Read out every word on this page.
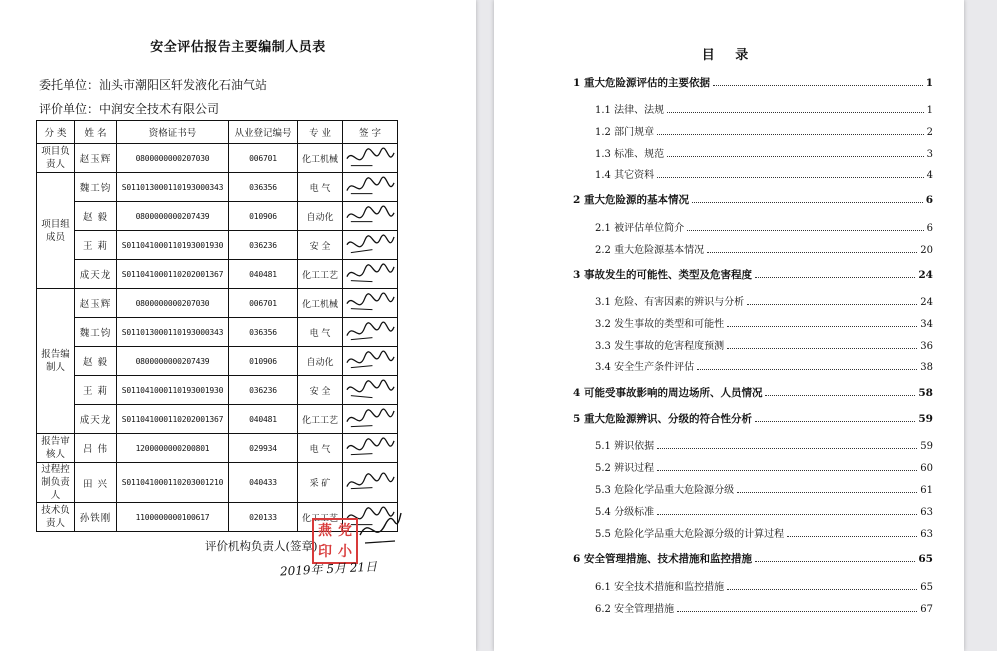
安全评估报告主要编制人员表
委托单位：汕头市潮阳区轩发液化石油气站
评价单位：中润安全技术有限公司
分 类	姓 名	资格证书号	从业登记编号	专 业	签 字
项目负责人	赵玉辉	0800000000207030	006701	化工机械	

项目组成员	魏工钧	S011013000110193000343	036356	电 气	

	赵 毅	0800000000207439	010906	自动化	

	王 莉	S011041000110193001930	036236	安 全	

	成天龙	S011041000110202001367	040481	化工工艺	

报告编制人	赵玉辉	0800000000207030	006701	化工机械	

	魏工钧	S011013000110193000343	036356	电 气	

	赵 毅	0800000000207439	010906	自动化	

	王 莉	S011041000110193001930	036236	安 全	

	成天龙	S011041000110202001367	040481	化工工艺	

报告审核人	吕 伟	1200000000200801	029934	电 气	

过程控制负责人	田 兴	S011041000110203001210	040433	采 矿	

技术负责人	孙铁刚	1100000000100617	020133	化工工艺	
评价机构负责人(签章)
燕 党
印 小
2019年 5月 21日
目 录
1 重大危险源评估的主要依据	1
1.1 法律、法规	1
1.2 部门规章	2
1.3 标准、规范	3
1.4 其它资料	4
2 重大危险源的基本情况	6
2.1 被评估单位简介	6
2.2 重大危险源基本情况	20
3 事故发生的可能性、类型及危害程度	24
3.1 危险、有害因素的辨识与分析	24
3.2 发生事故的类型和可能性	34
3.3 发生事故的危害程度预测	36
3.4 安全生产条件评估	38
4 可能受事故影响的周边场所、人员情况	58
5 重大危险源辨识、分级的符合性分析	59
5.1 辨识依据	59
5.2 辨识过程	60
5.3 危险化学品重大危险源分级	61
5.4 分级标准	63
5.5 危险化学品重大危险源分级的计算过程	63
6 安全管理措施、技术措施和监控措施	65
6.1 安全技术措施和监控措施	65
6.2 安全管理措施	67
